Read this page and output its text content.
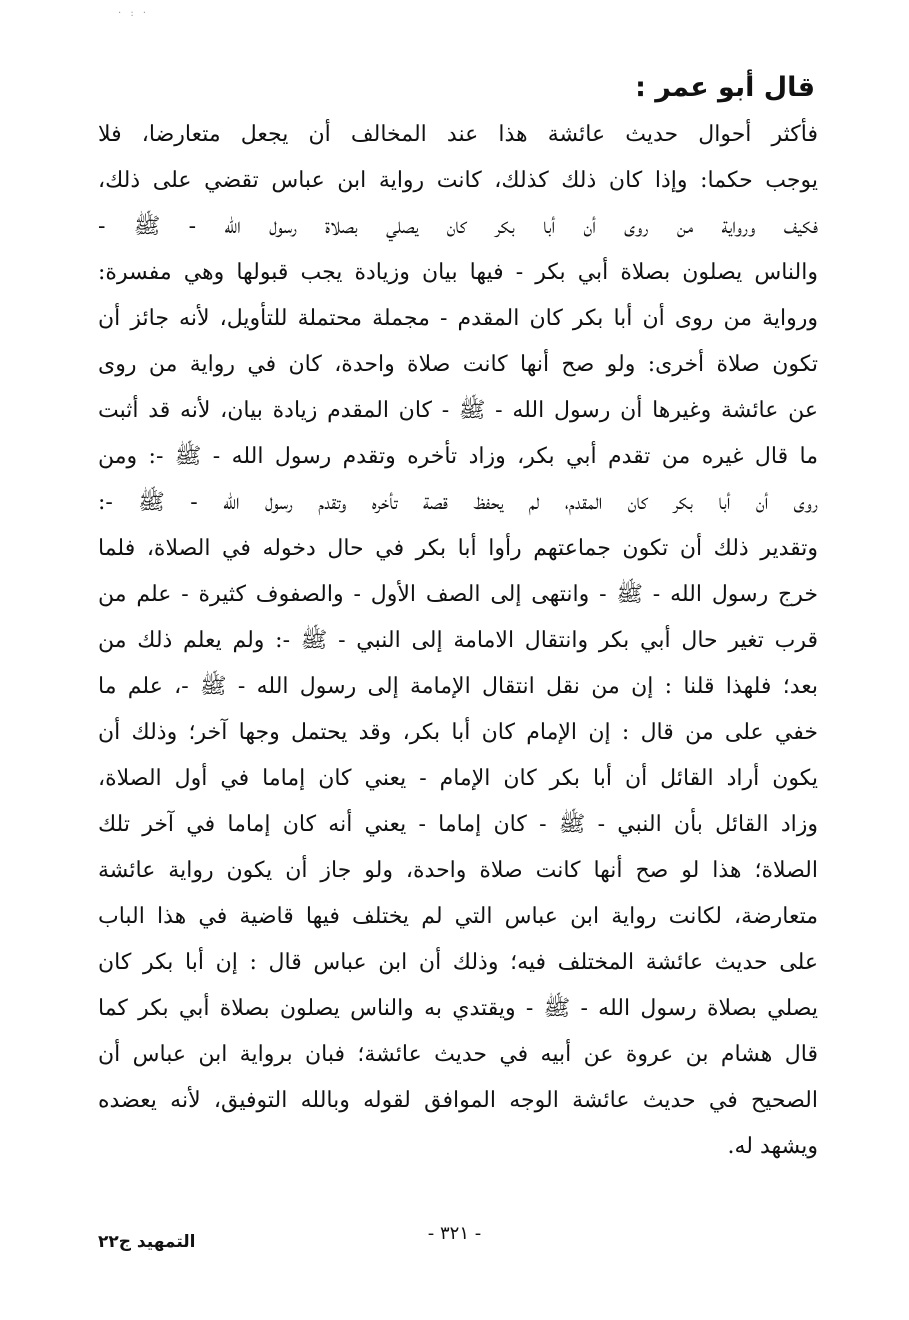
· : ·
قال أبو عمر :
فأكثر أحوال حديث عائشة هذا عند المخالف أن يجعل متعارضا، فلا
يوجب حكما: وإذا كان ذلك كذلك، كانت رواية ابن عباس تقضي على ذلك،
فكيف ورواية من روى أن أبا بكر كان يصلي بصلاة رسول الله - ﷺ -
والناس يصلون بصلاة أبي بكر - فيها بيان وزيادة يجب قبولها وهي مفسرة:
ورواية من روى أن أبا بكر كان المقدم - مجملة محتملة للتأويل، لأنه جائز أن
تكون صلاة أخرى: ولو صح أنها كانت صلاة واحدة، كان في رواية من روى
عن عائشة وغيرها أن رسول الله - ﷺ - كان المقدم زيادة بيان، لأنه قد أثبت
ما قال غيره من تقدم أبي بكر، وزاد تأخره وتقدم رسول الله - ﷺ -: ومن
روى أن أبا بكر كان المقدم، لم يحفظ قصة تأخره وتقدم رسول الله - ﷺ -:
وتقدير ذلك أن تكون جماعتهم رأوا أبا بكر في حال دخوله في الصلاة، فلما
خرج رسول الله - ﷺ - وانتهى إلى الصف الأول - والصفوف كثيرة - علم من
قرب تغير حال أبي بكر وانتقال الامامة إلى النبي - ﷺ -: ولم يعلم ذلك من
بعد؛ فلهذا قلنا : إن من نقل انتقال الإمامة إلى رسول الله - ﷺ -، علم ما
خفي على من قال : إن الإمام كان أبا بكر، وقد يحتمل وجها آخر؛ وذلك أن
يكون أراد القائل أن أبا بكر كان الإمام - يعني كان إماما في أول الصلاة،
وزاد القائل بأن النبي - ﷺ - كان إماما - يعني أنه كان إماما في آخر تلك
الصلاة؛ هذا لو صح أنها كانت صلاة واحدة، ولو جاز أن يكون رواية عائشة
متعارضة، لكانت رواية ابن عباس التي لم يختلف فيها قاضية في هذا الباب
على حديث عائشة المختلف فيه؛ وذلك أن ابن عباس قال : إن أبا بكر كان
يصلي بصلاة رسول الله - ﷺ - ويقتدي به والناس يصلون بصلاة أبي بكر كما
قال هشام بن عروة عن أبيه في حديث عائشة؛ فبان برواية ابن عباس أن
الصحيح في حديث عائشة الوجه الموافق لقوله وبالله التوفيق، لأنه يعضده
ويشهد له.
- ٣٢١ -
التمهيد ج٢٢
